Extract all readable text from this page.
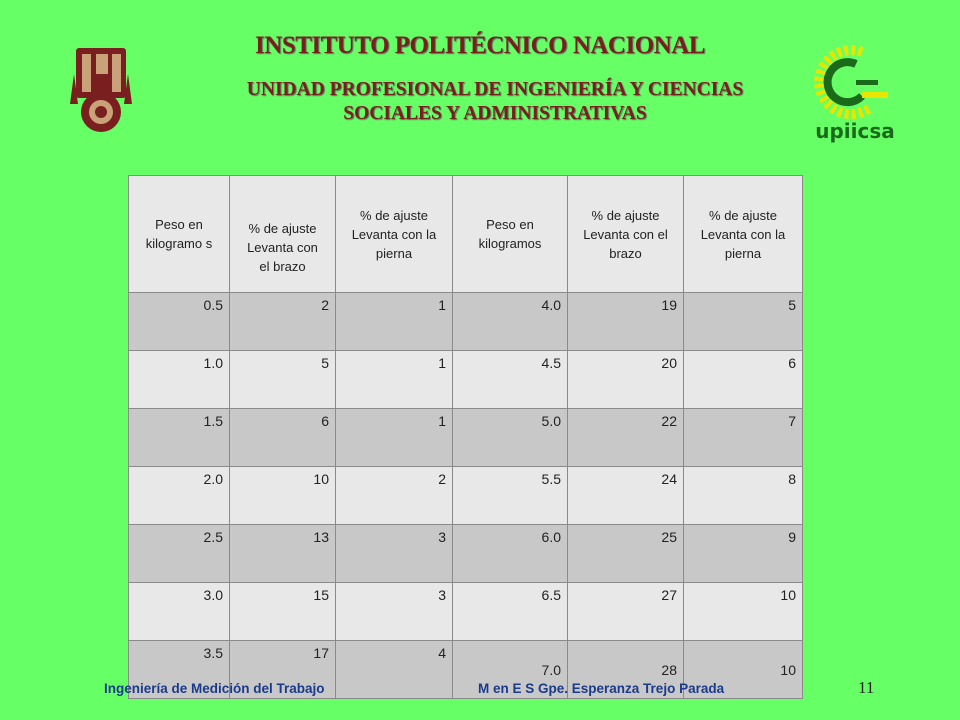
upiicsa
INSTITUTO POLITÉCNICO NACIONAL
UNIDAD PROFESIONAL DE INGENIERÍA Y CIENCIAS
SOCIALES Y ADMINISTRATIVAS
Peso en kilogramo s	% de ajuste Levanta con el brazo	% de ajuste Levanta con la pierna	Peso en kilogramos	% de ajuste Levanta con el brazo	% de ajuste Levanta con la pierna
0.5	2	1	4.0	19	5
1.0	5	1	4.5	20	6
1.5	6	1	5.0	22	7
2.0	10	2	5.5	24	8
2.5	13	3	6.0	25	9
3.0	15	3	6.5	27	10
3.5	17	4	7.0	28	10
Ingeniería de Medición del Trabajo	M en E S Gpe. Esperanza Trejo Parada	11
